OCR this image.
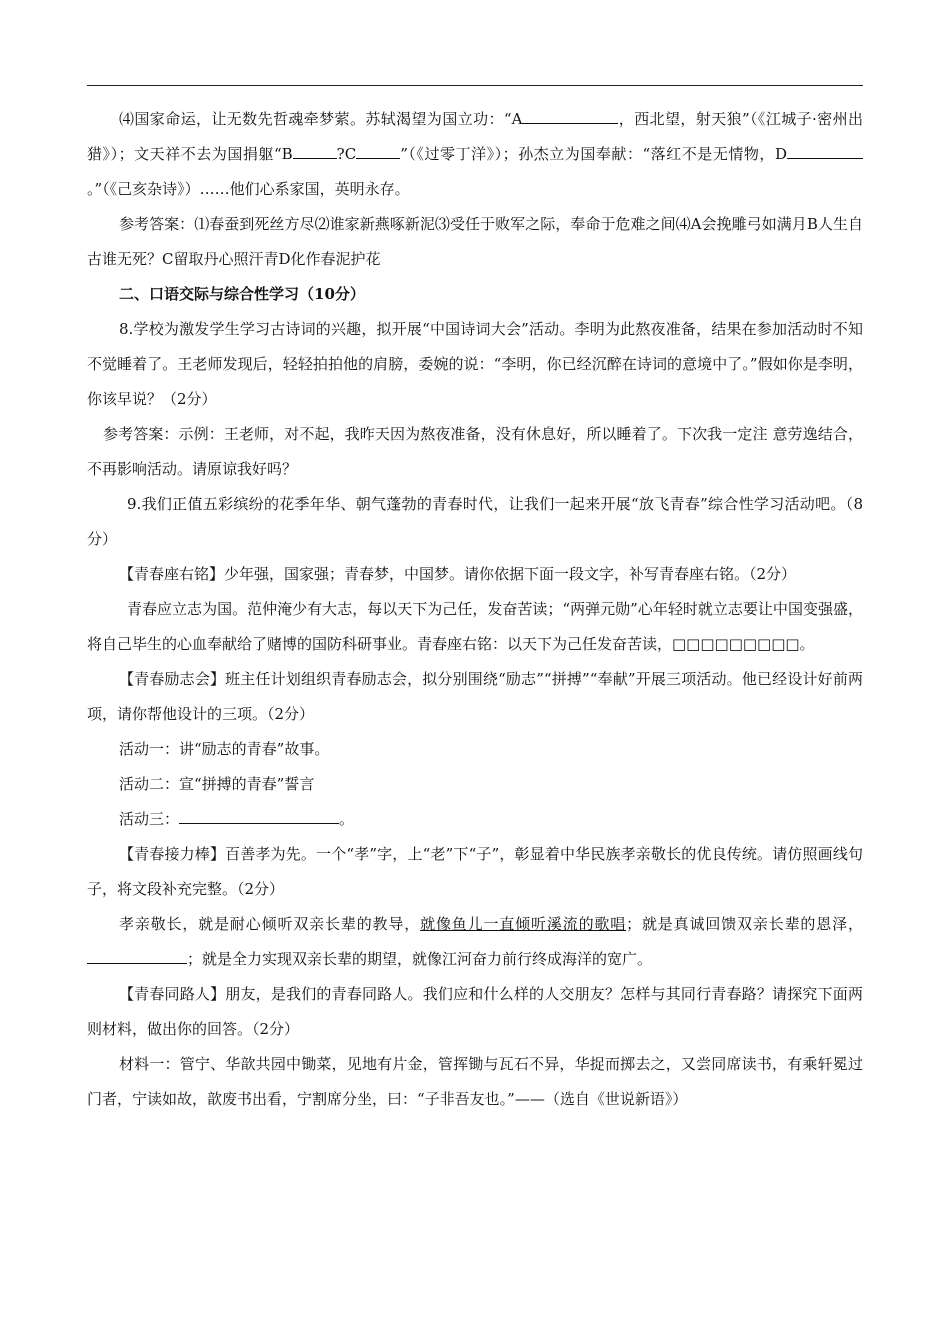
⑷国家命运，让无数先哲魂牵梦萦。苏轼渴望为国立功：“A	，西北望，射天狼”（《江城子·密州出猎》）；文天祥不去为国捐躯“B	?C	”（《过零丁洋》）；孙杰立为国奉献：“落红不是无情物，D。”（《己亥杂诗》）……他们心系家国，英明永存。

参考答案：⑴春蚕到死丝方尽⑵谁家新燕啄新泥⑶受任于败军之际，奉命于危难之间⑷A会挽雕弓如满月B人生自古谁无死？C留取丹心照汗青D化作春泥护花

二、口语交际与综合性学习（10分）

8.学校为激发学生学习古诗词的兴趣，拟开展“中国诗词大会”活动。李明为此熬夜准备，结果在参加活动时不知不觉睡着了。王老师发现后，轻轻拍拍他的肩膀，委婉的说：“李明，你已经沉醉在诗词的意境中了。”假如你是李明，你该早说？（2分）

参考答案：示例：王老师，对不起，我昨天因为熬夜准备，没有休息好，所以睡着了。下次我一定注 意劳逸结合，不再影响活动。请原谅我好吗？

9.我们正值五彩缤纷的花季年华、朝气蓬勃的青春时代，让我们一起来开展“放飞青春”综合性学习活动吧。（8分）

【青春座右铭】少年强，国家强；青春梦，中国梦。请你依据下面一段文字，补写青春座右铭。（2分）

青春应立志为国。范仲淹少有大志，每以天下为己任，发奋苦读；“两弹元勋”心年轻时就立志要让中国变强盛，将自己毕生的心血奉献给了赌博的国防科研事业。青春座右铭：以天下为己任发奋苦读，□□□□□□□□□。

【青春励志会】班主任计划组织青春励志会，拟分别围绕“励志”“拼搏”“奉献”开展三项活动。他已经设计好前两项，请你帮他设计的三项。（2分）

活动一：讲“励志的青春”故事。

活动二：宣“拼搏的青春”誓言

活动三：	。

【青春接力棒】百善孝为先。一个“孝”字，上“老”下“子”，彰显着中华民族孝亲敬长的优良传统。请仿照画线句子，将文段补充完整。（2分）

孝亲敬长，就是耐心倾听双亲长辈的教导，就像鱼儿一直倾听溪流的歌唱；就是真诚回馈双亲长辈的恩泽，；就是全力实现双亲长辈的期望，就像江河奋力前行终成海洋的宽广。

【青春同路人】朋友，是我们的青春同路人。我们应和什么样的人交朋友？怎样与其同行青春路？请探究下面两则材料，做出你的回答。（2分）

材料一：管宁、华歆共园中锄菜，见地有片金，管挥锄与瓦石不异，华捉而掷去之，又尝同席读书，有乘轩冕过门者，宁读如故，歆废书出看，宁割席分坐，曰：“子非吾友也。”——（选自《世说新语》）
